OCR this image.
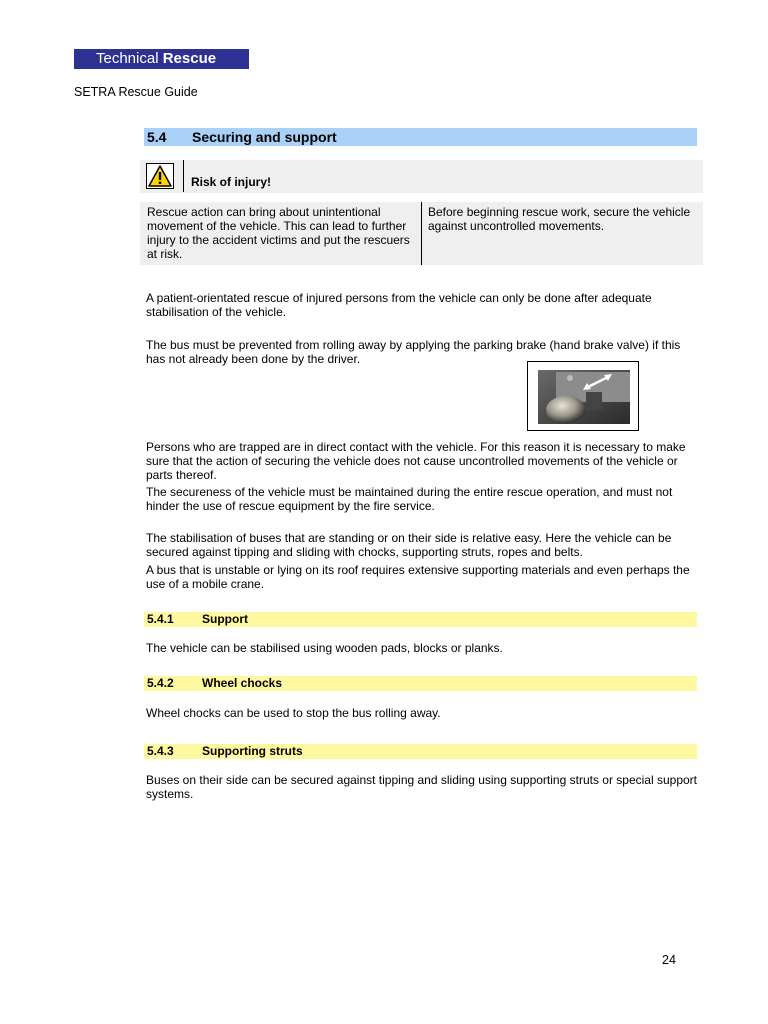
Technical Rescue
SETRA Rescue Guide
5.4 Securing and support
Risk of injury!
Rescue action can bring about unintentional movement of the vehicle. This can lead to further injury to the accident victims and put the rescuers at risk.
Before beginning rescue work, secure the vehicle against uncontrolled movements.
A patient-orientated rescue of injured persons from the vehicle can only be done after adequate stabilisation of the vehicle.
The bus must be prevented from rolling away by applying the parking brake (hand brake valve) if this has not already been done by the driver.
Persons who are trapped are in direct contact with the vehicle. For this reason it is necessary to make sure that the action of securing the vehicle does not cause uncontrolled movements of the vehicle or parts thereof.
The secureness of the vehicle must be maintained during the entire rescue operation, and must not hinder the use of rescue equipment by the fire service.
The stabilisation of buses that are standing or on their side is relative easy. Here the vehicle can be secured against tipping and sliding with chocks, supporting struts, ropes and belts.
A bus that is unstable or lying on its roof requires extensive supporting materials and even perhaps the use of a mobile crane.
5.4.1 Support
The vehicle can be stabilised using wooden pads, blocks or planks.
5.4.2 Wheel chocks
Wheel chocks can be used to stop the bus rolling away.
5.4.3 Supporting struts
Buses on their side can be secured against tipping and sliding using supporting struts or special support systems.
24
